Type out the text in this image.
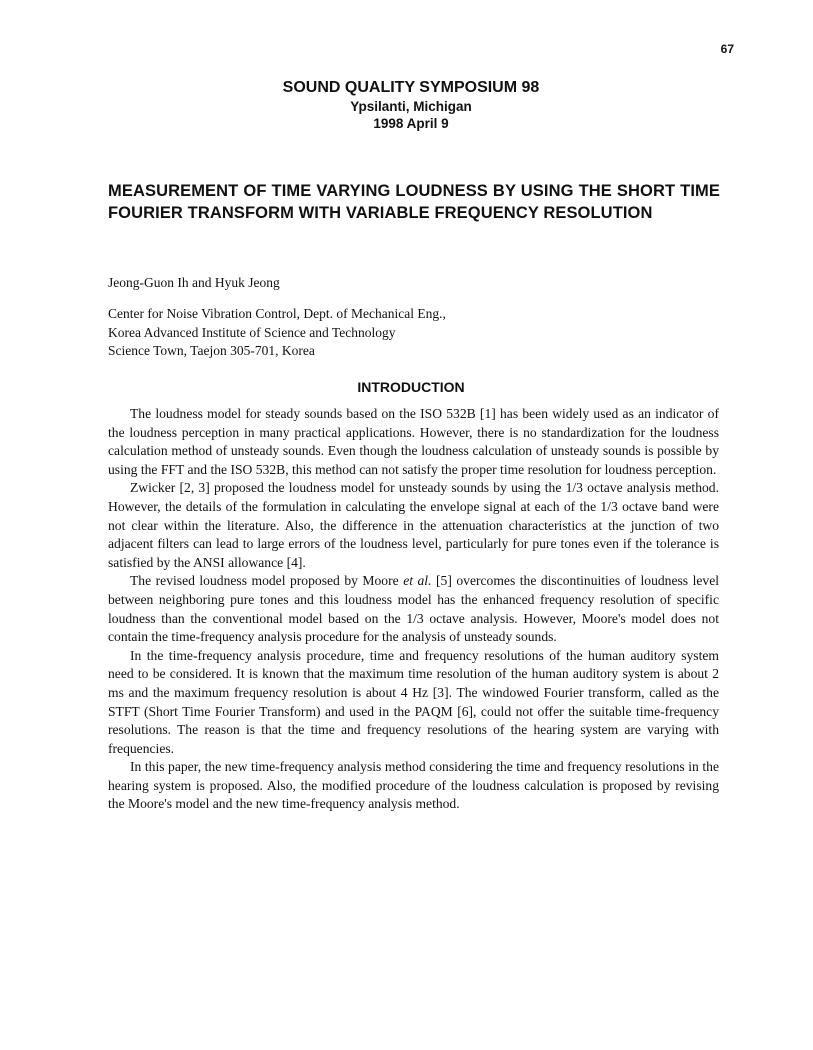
67
SOUND QUALITY SYMPOSIUM 98
Ypsilanti, Michigan
1998 April 9
MEASUREMENT OF TIME VARYING LOUDNESS BY USING THE SHORT TIME FOURIER TRANSFORM WITH VARIABLE FREQUENCY RESOLUTION

Jeong-Guon Ih and Hyuk Jeong

Center for Noise Vibration Control, Dept. of Mechanical Eng.,
Korea Advanced Institute of Science and Technology
Science Town, Taejon 305-701, Korea
INTRODUCTION

The loudness model for steady sounds based on the ISO 532B [1] has been widely used as an indicator of the loudness perception in many practical applications. However, there is no standardization for the loudness calculation method of unsteady sounds. Even though the loudness calculation of unsteady sounds is possible by using the FFT and the ISO 532B, this method can not satisfy the proper time resolution for loudness perception.

Zwicker [2, 3] proposed the loudness model for unsteady sounds by using the 1/3 octave analysis method. However, the details of the formulation in calculating the envelope signal at each of the 1/3 octave band were not clear within the literature. Also, the difference in the attenuation characteristics at the junction of two adjacent filters can lead to large errors of the loudness level, particularly for pure tones even if the tolerance is satisfied by the ANSI allowance [4].

The revised loudness model proposed by Moore et al. [5] overcomes the discontinuities of loudness level between neighboring pure tones and this loudness model has the enhanced frequency resolution of specific loudness than the conventional model based on the 1/3 octave analysis. However, Moore's model does not contain the time-frequency analysis procedure for the analysis of unsteady sounds.

In the time-frequency analysis procedure, time and frequency resolutions of the human auditory system need to be considered. It is known that the maximum time resolution of the human auditory system is about 2 ms and the maximum frequency resolution is about 4 Hz [3]. The windowed Fourier transform, called as the STFT (Short Time Fourier Transform) and used in the PAQM [6], could not offer the suitable time-frequency resolutions. The reason is that the time and frequency resolutions of the hearing system are varying with frequencies.

In this paper, the new time-frequency analysis method considering the time and frequency resolutions in the hearing system is proposed. Also, the modified procedure of the loudness calculation is proposed by revising the Moore's model and the new time-frequency analysis method.
